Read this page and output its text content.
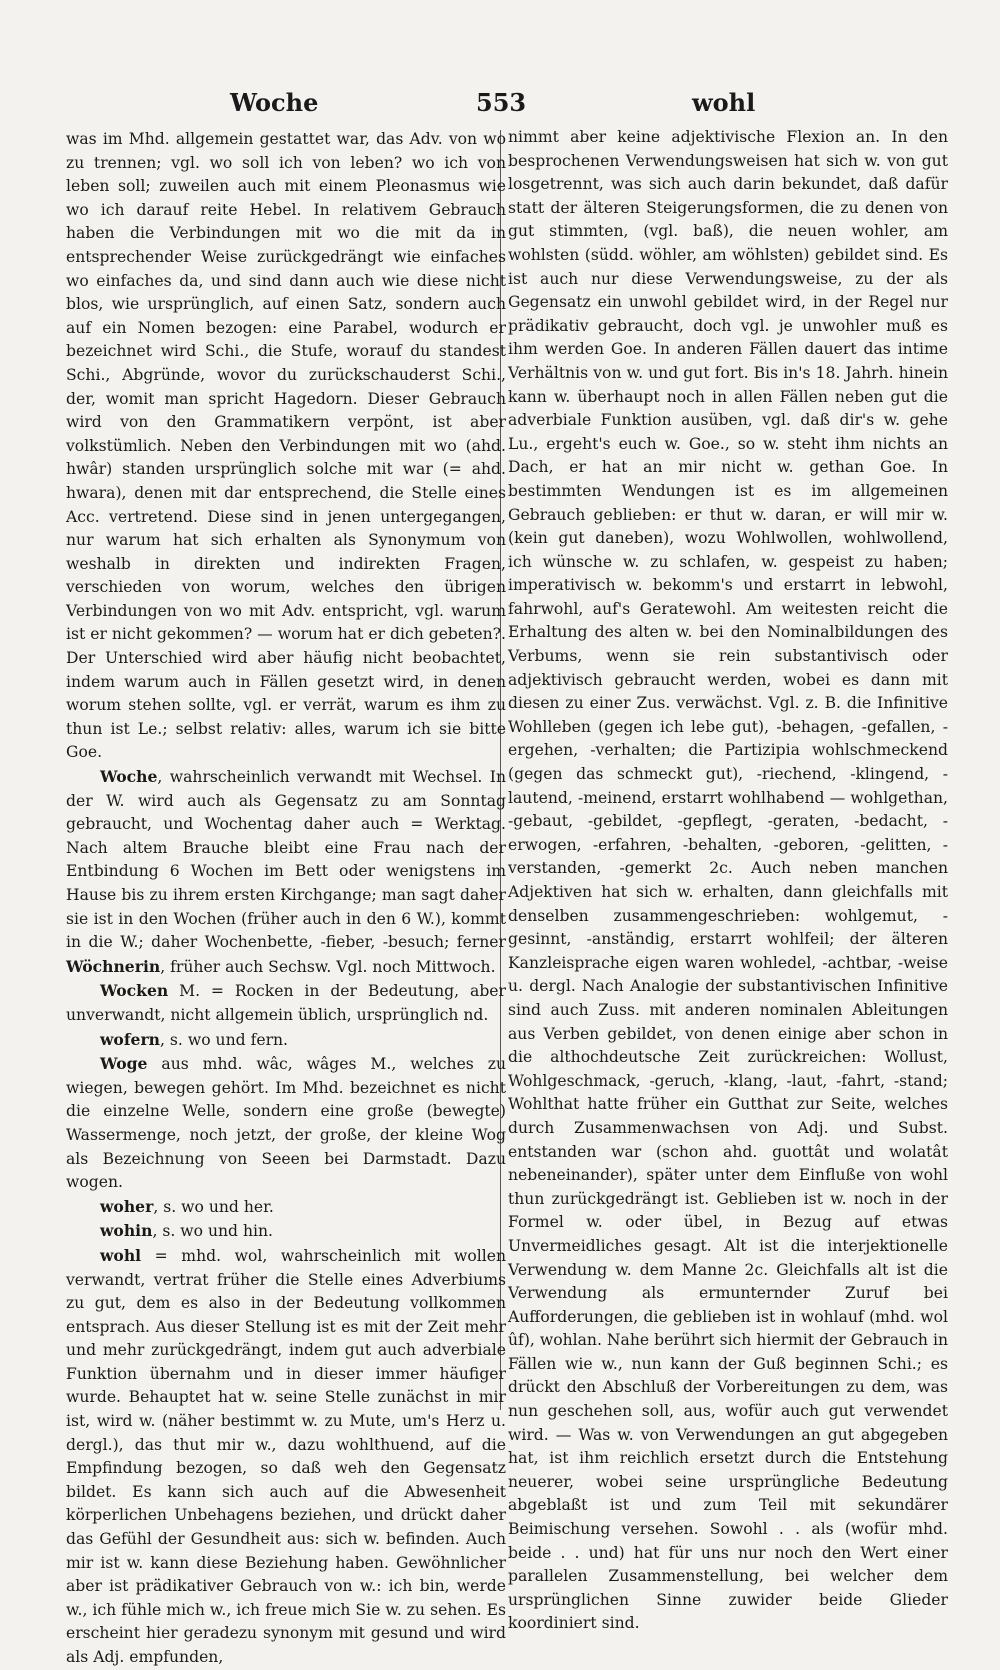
Woche	553	wohl

was im Mhd. allgemein gestattet war, das Adv. von wo zu trennen; vgl. wo soll ich von leben? wo ich von leben soll; zuweilen auch mit einem Pleonasmus wie wo ich darauf reite Hebel. In relativem Gebrauch haben die Verbindungen mit wo die mit da in entsprechender Weise zurückgedrängt wie einfaches wo einfaches da, und sind dann auch wie diese nicht blos, wie ursprünglich, auf einen Satz, sondern auch auf ein Nomen bezogen: eine Parabel, wodurch er bezeichnet wird Schi., die Stufe, worauf du standest Schi., Abgründe, wovor du zurückschauderst Schi., der, womit man spricht Hagedorn. Dieser Gebrauch wird von den Grammatikern verpönt, ist aber volkstümlich. Neben den Verbindungen mit wo (ahd. hwâr) standen ursprünglich solche mit war (= ahd. hwara), denen mit dar entsprechend, die Stelle eines Acc. vertretend. Diese sind in jenen untergegangen, nur warum hat sich erhalten als Synonymum von weshalb in direkten und indirekten Fragen, verschieden von worum, welches den übrigen Verbindungen von wo mit Adv. entspricht, vgl. warum ist er nicht gekommen? — worum hat er dich gebeten?. Der Unterschied wird aber häufig nicht beobachtet, indem warum auch in Fällen gesetzt wird, in denen worum stehen sollte, vgl. er verrät, warum es ihm zu thun ist Le.; selbst relativ: alles, warum ich sie bitte Goe.

Woche, wahrscheinlich verwandt mit Wechsel. In der W. wird auch als Gegensatz zu am Sonntag gebraucht, und Wochentag daher auch = Werktag. Nach altem Brauche bleibt eine Frau nach der Entbindung 6 Wochen im Bett oder wenigstens im Hause bis zu ihrem ersten Kirchgange; man sagt daher sie ist in den Wochen (früher auch in den 6 W.), kommt in die W.; daher Wochenbette, -fieber, -besuch; ferner Wöchnerin, früher auch Sechsw. Vgl. noch Mittwoch.

Wocken M. = Rocken in der Bedeutung, aber unverwandt, nicht allgemein üblich, ursprünglich nd.

wofern, s. wo und fern.

Woge aus mhd. wâc, wâges M., welches zu wiegen, bewegen gehört. Im Mhd. bezeichnet es nicht die einzelne Welle, sondern eine große (bewegte) Wassermenge, noch jetzt, der große, der kleine Wog als Bezeichnung von Seeen bei Darmstadt. Dazu wogen.

woher, s. wo und her.

wohin, s. wo und hin.

wohl = mhd. wol, wahrscheinlich mit wollen verwandt, vertrat früher die Stelle eines Adverbiums zu gut, dem es also in der Bedeutung vollkommen entsprach. Aus dieser Stellung ist es mit der Zeit mehr und mehr zurückgedrängt, indem gut auch adverbiale Funktion übernahm und in dieser immer häufiger wurde. Behauptet hat w. seine Stelle zunächst in mir ist, wird w. (näher bestimmt w. zu Mute, um's Herz u. dergl.), das thut mir w., dazu wohlthuend, auf die Empfindung bezogen, so daß weh den Gegensatz bildet. Es kann sich auch auf die Abwesenheit körperlichen Unbehagens beziehen, und drückt daher das Gefühl der Gesundheit aus: sich w. befinden. Auch mir ist w. kann diese Beziehung haben. Gewöhnlicher aber ist prädikativer Gebrauch von w.: ich bin, werde w., ich fühle mich w., ich freue mich Sie w. zu sehen. Es erscheint hier geradezu synonym mit gesund und wird als Adj. empfunden,

nimmt aber keine adjektivische Flexion an. In den besprochenen Verwendungsweisen hat sich w. von gut losgetrennt, was sich auch darin bekundet, daß dafür statt der älteren Steigerungsformen, die zu denen von gut stimmten, (vgl. baß), die neuen wohler, am wohlsten (südd. wöhler, am wöhlsten) gebildet sind. Es ist auch nur diese Verwendungsweise, zu der als Gegensatz ein unwohl gebildet wird, in der Regel nur prädikativ gebraucht, doch vgl. je unwohler muß es ihm werden Goe. In anderen Fällen dauert das intime Verhältnis von w. und gut fort. Bis in's 18. Jahrh. hinein kann w. überhaupt noch in allen Fällen neben gut die adverbiale Funktion ausüben, vgl. daß dir's w. gehe Lu., ergeht's euch w. Goe., so w. steht ihm nichts an Dach, er hat an mir nicht w. gethan Goe. In bestimmten Wendungen ist es im allgemeinen Gebrauch geblieben: er thut w. daran, er will mir w. (kein gut daneben), wozu Wohlwollen, wohlwollend, ich wünsche w. zu schlafen, w. gespeist zu haben; imperativisch w. bekomm's und erstarrt in lebwohl, fahrwohl, auf's Geratewohl. Am weitesten reicht die Erhaltung des alten w. bei den Nominalbildungen des Verbums, wenn sie rein substantivisch oder adjektivisch gebraucht werden, wobei es dann mit diesen zu einer Zus. verwächst. Vgl. z. B. die Infinitive Wohlleben (gegen ich lebe gut), -behagen, -gefallen, -ergehen, -verhalten; die Partizipia wohlschmeckend (gegen das schmeckt gut), -riechend, -klingend, -lautend, -meinend, erstarrt wohlhabend — wohlgethan, -gebaut, -gebildet, -gepflegt, -geraten, -bedacht, -erwogen, -erfahren, -behalten, -geboren, -gelitten, -verstanden, -gemerkt 2c. Auch neben manchen Adjektiven hat sich w. erhalten, dann gleichfalls mit denselben zusammengeschrieben: wohlgemut, -gesinnt, -anständig, erstarrt wohlfeil; der älteren Kanzleisprache eigen waren wohledel, -achtbar, -weise u. dergl. Nach Analogie der substantivischen Infinitive sind auch Zuss. mit anderen nominalen Ableitungen aus Verben gebildet, von denen einige aber schon in die althochdeutsche Zeit zurückreichen: Wollust, Wohlgeschmack, -geruch, -klang, -laut, -fahrt, -stand; Wohlthat hatte früher ein Gutthat zur Seite, welches durch Zusammenwachsen von Adj. und Subst. entstanden war (schon ahd. guottât und wolatât nebeneinander), später unter dem Einfluße von wohl thun zurückgedrängt ist. Geblieben ist w. noch in der Formel w. oder übel, in Bezug auf etwas Unvermeidliches gesagt. Alt ist die interjektionelle Verwendung w. dem Manne 2c. Gleichfalls alt ist die Verwendung als ermunternder Zuruf bei Aufforderungen, die geblieben ist in wohlauf (mhd. wol ûf), wohlan. Nahe berührt sich hiermit der Gebrauch in Fällen wie w., nun kann der Guß beginnen Schi.; es drückt den Abschluß der Vorbereitungen zu dem, was nun geschehen soll, aus, wofür auch gut verwendet wird. — Was w. von Verwendungen an gut abgegeben hat, ist ihm reichlich ersetzt durch die Entstehung neuerer, wobei seine ursprüngliche Bedeutung abgeblaßt ist und zum Teil mit sekundärer Beimischung versehen. Sowohl . . als (wofür mhd. beide . . und) hat für uns nur noch den Wert einer parallelen Zusammenstellung, bei welcher dem ursprünglichen Sinne zuwider beide Glieder koordiniert sind.
